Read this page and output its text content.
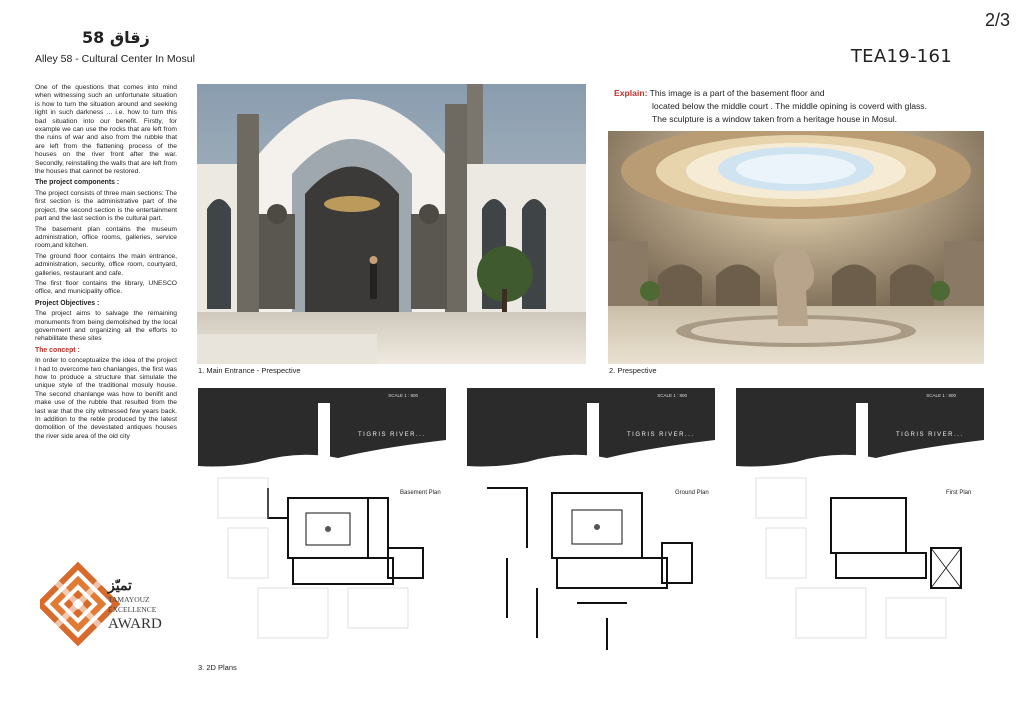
2/3
TEA19-161
زقاق 58
Alley 58 - Cultural Center In Mosul

One of the questions that comes into mind when witnessing such an unfortunate situation is how to turn the situation around and seeking light in such darkness ... i.e. how to turn this bad situation into our benefit. Firstly, for example we can use the rocks that are left from the ruins of war and also from the rubble that are left from the flattening process of the houses on the river front after the war. Secondly, reinstalling the walls that are left from the houses that cannot be restored.

The project components :

The project consists of three main sections: The first section is the administrative part of the project, the second section is the entertainment part and the last section is the cultural part.

The basement plan contains the museum administration, office rooms, galleries, service room,and kitchen.

The ground floor contains the main entrance, administration, security, office room, courtyard, galleries, restaurant and cafe.

The first floor contains the library, UNESCO office, and municipality office.

Project Objectives :

The project aims to salvage the remaining monuments from being demolished by the local government and organizing all the efforts to rehabilitate these sites

The concept :

In order to conceptualize the idea of the project I had to overcome two chanlanges, the first was how to produce a structure that simulate the unique style of the traditional mosuly house. The second chanlange was how to benifit and make use of the rubble that resulted from the last war that the city witnessed few years back. In addition to the reble produced by the latest domolition of the devestated antiques houses the river side area of the old city

تميّز
TAMAYOUZ
EXCELLENCE
AWARD
1. Main Entrance - Prespective
Explain: This image is a part of the basement floor and
located below the middle court . The middle opining is coverd with glass.
The sculpture is a window taken from a heritage house in Mosul.
2. Prespective
SCALE 1 : 800
TIGRIS RIVER...
Basement Plan
SCALE 1 : 800
TIGRIS RIVER...
Ground Plan
SCALE 1 : 800
TIGRIS RIVER...
First Plan
3. 2D Plans
